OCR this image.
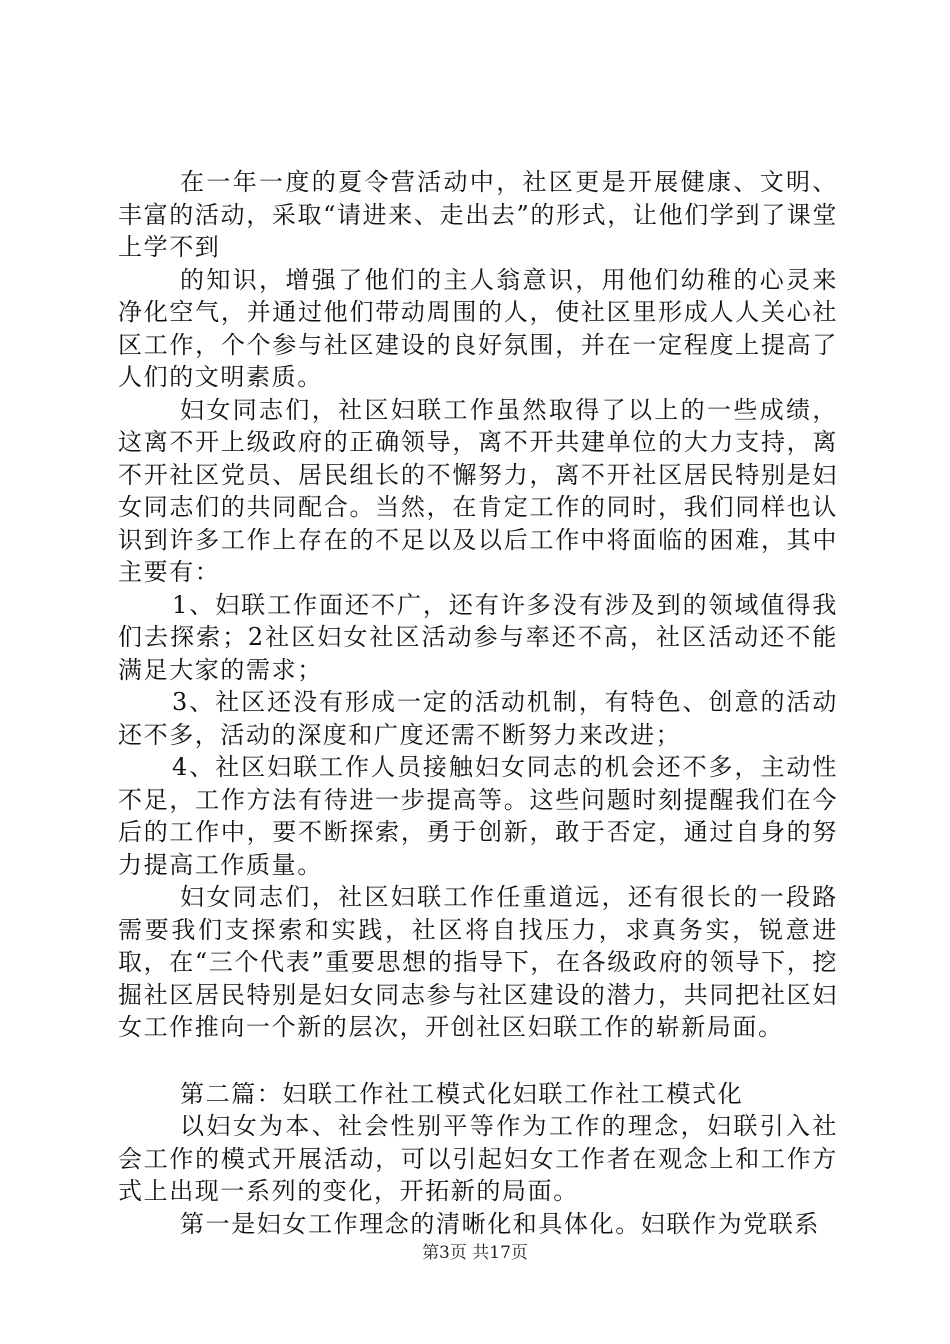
在一年一度的夏令营活动中，社区更是开展健康、文明、丰富的活动，采取“请进来、走出去”的形式，让他们学到了课堂上学不到

的知识，增强了他们的主人翁意识，用他们幼稚的心灵来净化空气，并通过他们带动周围的人，使社区里形成人人关心社区工作，个个参与社区建设的良好氛围，并在一定程度上提高了人们的文明素质。

妇女同志们，社区妇联工作虽然取得了以上的一些成绩，这离不开上级政府的正确领导，离不开共建单位的大力支持，离不开社区党员、居民组长的不懈努力，离不开社区居民特别是妇女同志们的共同配合。当然，在肯定工作的同时，我们同样也认识到许多工作上存在的不足以及以后工作中将面临的困难，其中主要有：

1、妇联工作面还不广，还有许多没有涉及到的领域值得我们去探索；2社区妇女社区活动参与率还不高，社区活动还不能满足大家的需求；

3、社区还没有形成一定的活动机制，有特色、创意的活动还不多，活动的深度和广度还需不断努力来改进；

4、社区妇联工作人员接触妇女同志的机会还不多，主动性不足，工作方法有待进一步提高等。这些问题时刻提醒我们在今后的工作中，要不断探索，勇于创新，敢于否定，通过自身的努力提高工作质量。

妇女同志们，社区妇联工作任重道远，还有很长的一段路需要我们支探索和实践，社区将自找压力，求真务实，锐意进取，在“三个代表”重要思想的指导下，在各级政府的领导下，挖掘社区居民特别是妇女同志参与社区建设的潜力，共同把社区妇女工作推向一个新的层次，开创社区妇联工作的崭新局面。

第二篇：妇联工作社工模式化妇联工作社工模式化

以妇女为本、社会性别平等作为工作的理念，妇联引入社会工作的模式开展活动，可以引起妇女工作者在观念上和工作方式上出现一系列的变化，开拓新的局面。

第一是妇女工作理念的清晰化和具体化。妇联作为党联系

第3页 共17页
